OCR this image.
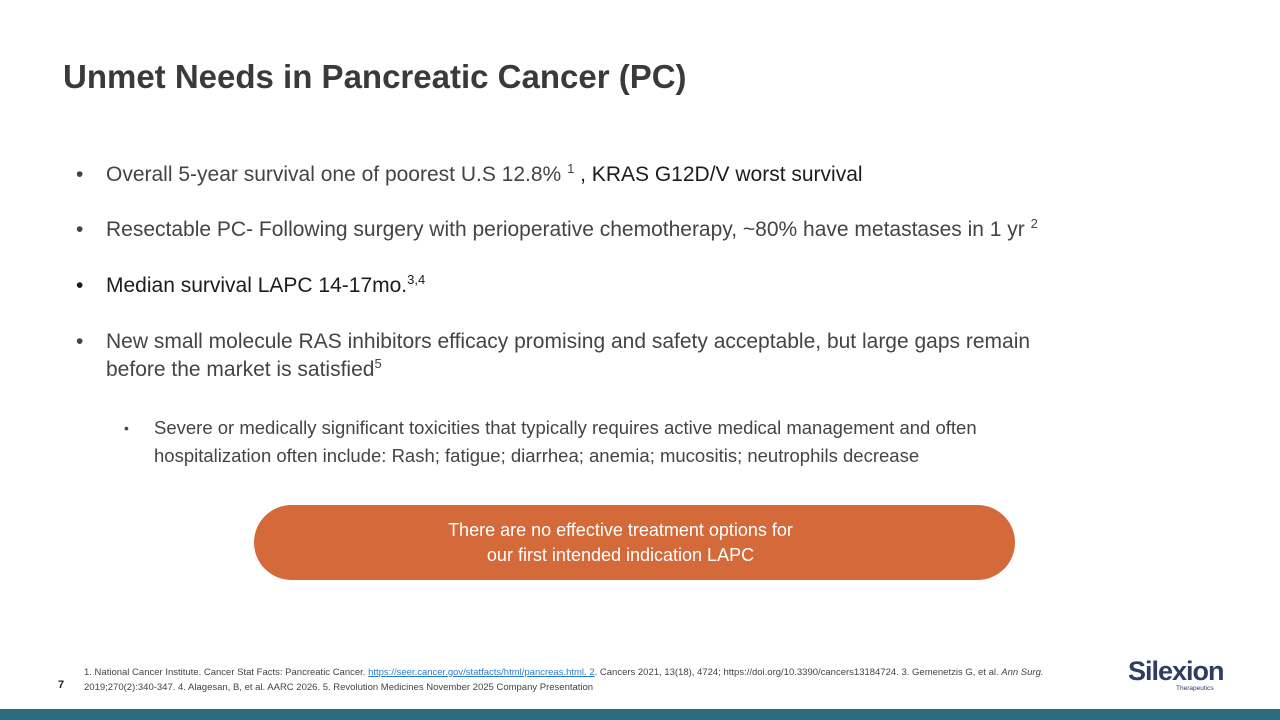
Unmet Needs in Pancreatic Cancer (PC)
• Overall 5-year survival one of poorest U.S 12.8% $^1$ , KRAS G12D/V worst survival
• Resectable PC- Following surgery with perioperative chemotherapy, ~80% have metastases in 1 yr $^2$
• Median survival LAPC 14-17mo.$^{3,4}$
• New small molecule RAS inhibitors efficacy promising and safety acceptable, but large gaps remain
before the market is satisfied$^5$
• Severe or medically significant toxicities that typically requires active medical management and often
hospitalization often include: Rash; fatigue; diarrhea; anemia; mucositis; neutrophils decrease
There are no effective treatment options for
our first intended indication LAPC
7
1. National Cancer Institute. Cancer Stat Facts: Pancreatic Cancer. https://seer.cancer.gov/statfacts/html/pancreas.html. 2. Cancers 2021, 13(18), 4724; https://doi.org/10.3390/cancers13184724. 3. Gemenetzis G, et al. Ann Surg. 2019;270(2):340-347. 4. Alagesan, B, et al. AARC 2026. 5. Revolution Medicines November 2025 Company Presentation
Silexion
Therapeutics
